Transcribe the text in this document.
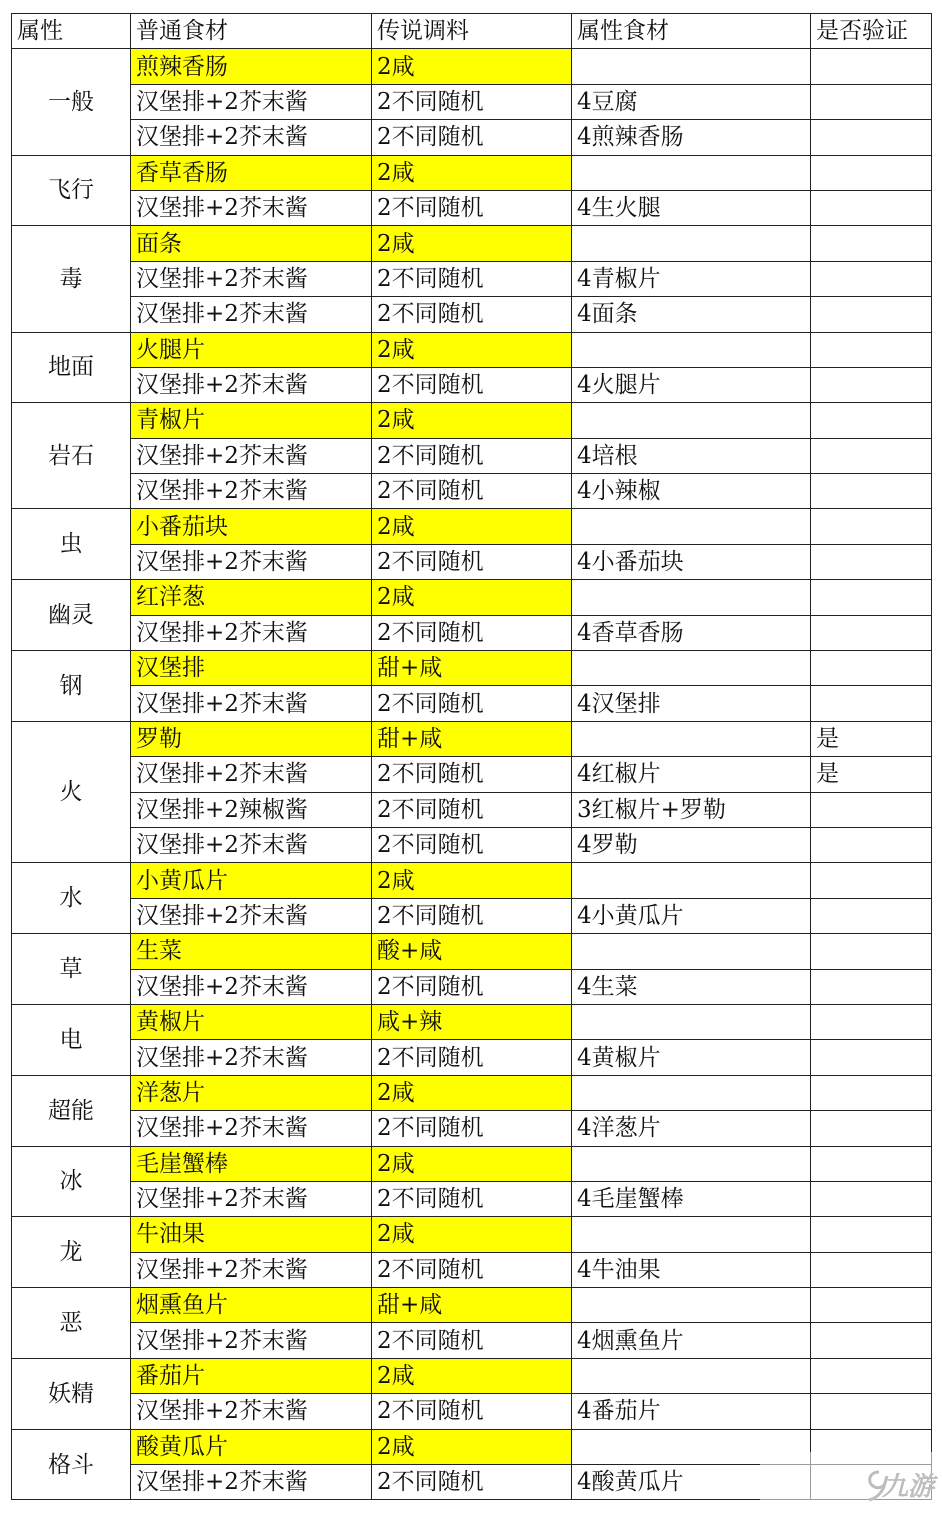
属性	普通食材	传说调料	属性食材	是否验证
一般	煎辣香肠	2咸		
	汉堡排+2芥末酱	2不同随机	4豆腐	
	汉堡排+2芥末酱	2不同随机	4煎辣香肠	
飞行	香草香肠	2咸		
	汉堡排+2芥末酱	2不同随机	4生火腿	
毒	面条	2咸		
	汉堡排+2芥末酱	2不同随机	4青椒片	
	汉堡排+2芥末酱	2不同随机	4面条	
地面	火腿片	2咸		
	汉堡排+2芥末酱	2不同随机	4火腿片	
岩石	青椒片	2咸		
	汉堡排+2芥末酱	2不同随机	4培根	
	汉堡排+2芥末酱	2不同随机	4小辣椒	
虫	小番茄块	2咸		
	汉堡排+2芥末酱	2不同随机	4小番茄块	
幽灵	红洋葱	2咸		
	汉堡排+2芥末酱	2不同随机	4香草香肠	
钢	汉堡排	甜+咸		
	汉堡排+2芥末酱	2不同随机	4汉堡排	
火	罗勒	甜+咸		是
	汉堡排+2芥末酱	2不同随机	4红椒片	是
	汉堡排+2辣椒酱	2不同随机	3红椒片+罗勒	
	汉堡排+2芥末酱	2不同随机	4罗勒	
水	小黄瓜片	2咸		
	汉堡排+2芥末酱	2不同随机	4小黄瓜片	
草	生菜	酸+咸		
	汉堡排+2芥末酱	2不同随机	4生菜	
电	黄椒片	咸+辣		
	汉堡排+2芥末酱	2不同随机	4黄椒片	
超能	洋葱片	2咸		
	汉堡排+2芥末酱	2不同随机	4洋葱片	
冰	毛崖蟹棒	2咸		
	汉堡排+2芥末酱	2不同随机	4毛崖蟹棒	
龙	牛油果	2咸		
	汉堡排+2芥末酱	2不同随机	4牛油果	
恶	烟熏鱼片	甜+咸		
	汉堡排+2芥末酱	2不同随机	4烟熏鱼片	
妖精	番茄片	2咸		
	汉堡排+2芥末酱	2不同随机	4番茄片	
格斗	酸黄瓜片	2咸		
	汉堡排+2芥末酱	2不同随机	4酸黄瓜片		九游
